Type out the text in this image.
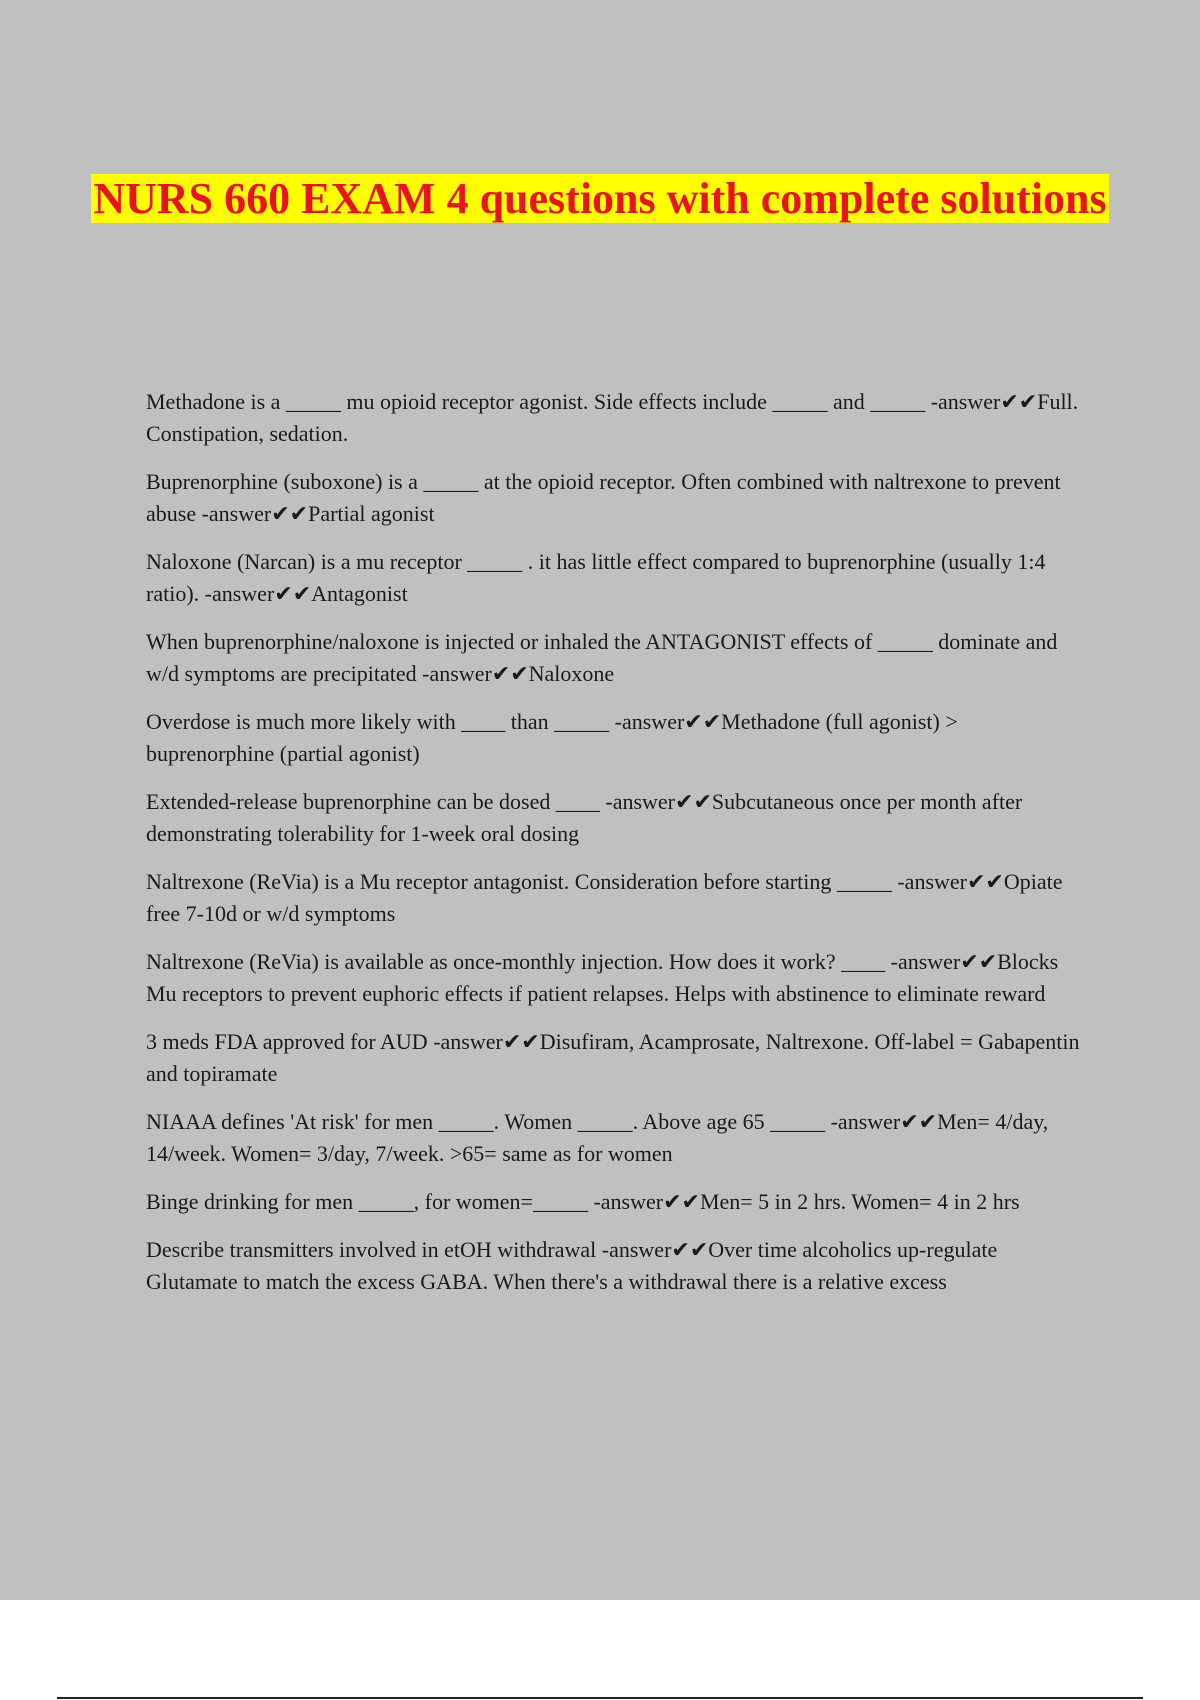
NURS 660 EXAM 4 questions with complete solutions
Methadone is a _____ mu opioid receptor agonist. Side effects include _____ and _____ -answer✔✔Full. Constipation, sedation.
Buprenorphine (suboxone) is a _____ at the opioid receptor. Often combined with naltrexone to prevent abuse -answer✔✔Partial agonist
Naloxone (Narcan) is a mu receptor _____ . it has little effect compared to buprenorphine (usually 1:4 ratio). -answer✔✔Antagonist
When buprenorphine/naloxone is injected or inhaled the ANTAGONIST effects of _____ dominate and w/d symptoms are precipitated -answer✔✔Naloxone
Overdose is much more likely with ____ than _____ -answer✔✔Methadone (full agonist) > buprenorphine (partial agonist)
Extended-release buprenorphine can be dosed ____ -answer✔✔Subcutaneous once per month after demonstrating tolerability for 1-week oral dosing
Naltrexone (ReVia) is a Mu receptor antagonist. Consideration before starting _____ -answer✔✔Opiate free 7-10d or w/d symptoms
Naltrexone (ReVia) is available as once-monthly injection. How does it work? ____ -answer✔✔Blocks Mu receptors to prevent euphoric effects if patient relapses. Helps with abstinence to eliminate reward
3 meds FDA approved for AUD -answer✔✔Disufiram, Acamprosate, Naltrexone. Off-label = Gabapentin and topiramate
NIAAA defines 'At risk' for men _____. Women _____. Above age 65 _____ -answer✔✔Men= 4/day, 14/week. Women= 3/day, 7/week. >65= same as for women
Binge drinking for men _____, for women=_____ -answer✔✔Men= 5 in 2 hrs. Women= 4 in 2 hrs
Describe transmitters involved in etOH withdrawal -answer✔✔Over time alcoholics up-regulate Glutamate to match the excess GABA. When there's a withdrawal there is a relative excess
